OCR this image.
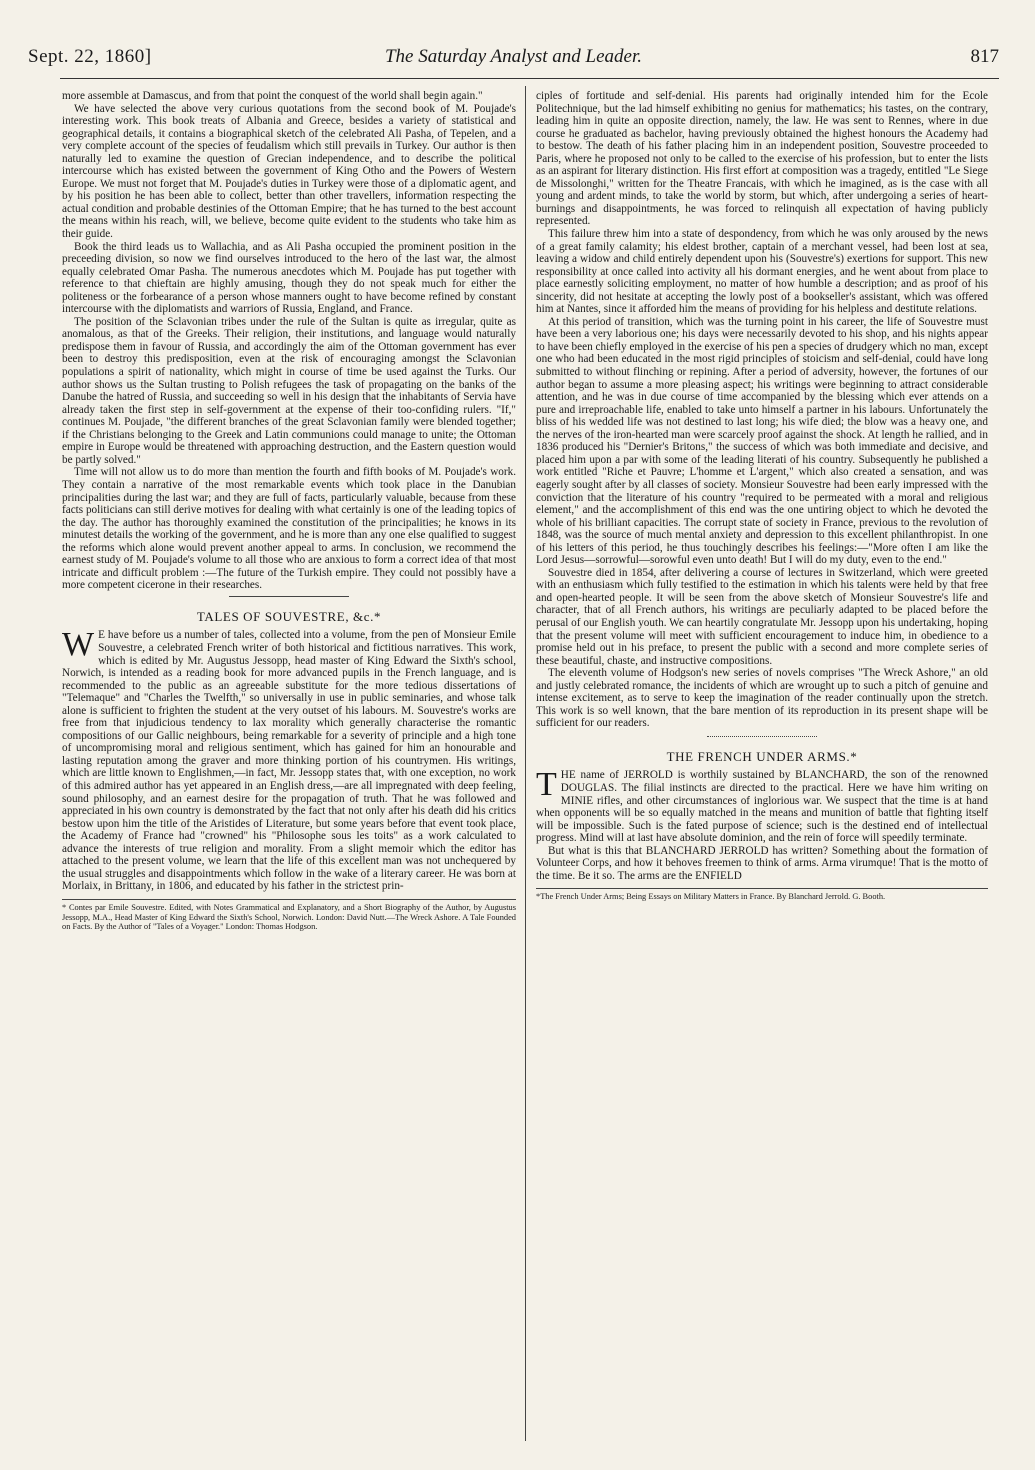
Sept. 22, 1860]	The Saturday Analyst and Leader.	817

more assemble at Damascus, and from that point the conquest of the world shall begin again."

We have selected the above very curious quotations from the second book of M. Poujade's interesting work. This book treats of Albania and Greece, besides a variety of statistical and geographical details, it contains a biographical sketch of the celebrated Ali Pasha, of Tepelen, and a very complete account of the species of feudalism which still prevails in Turkey. Our author is then naturally led to examine the question of Grecian independence, and to describe the political intercourse which has existed between the government of King Otho and the Powers of Western Europe. We must not forget that M. Poujade's duties in Turkey were those of a diplomatic agent, and by his position he has been able to collect, better than other travellers, information respecting the actual condition and probable destinies of the Ottoman Empire; that he has turned to the best account the means within his reach, will, we believe, become quite evident to the students who take him as their guide.

Book the third leads us to Wallachia, and as Ali Pasha occupied the prominent position in the preceeding division, so now we find ourselves introduced to the hero of the last war, the almost equally celebrated Omar Pasha. The numerous anecdotes which M. Poujade has put together with reference to that chieftain are highly amusing, though they do not speak much for either the politeness or the forbearance of a person whose manners ought to have become refined by constant intercourse with the diplomatists and warriors of Russia, England, and France.

The position of the Sclavonian tribes under the rule of the Sultan is quite as irregular, quite as anomalous, as that of the Greeks. Their religion, their institutions, and language would naturally predispose them in favour of Russia, and accordingly the aim of the Ottoman government has ever been to destroy this predisposition, even at the risk of encouraging amongst the Sclavonian populations a spirit of nationality, which might in course of time be used against the Turks. Our author shows us the Sultan trusting to Polish refugees the task of propagating on the banks of the Danube the hatred of Russia, and succeeding so well in his design that the inhabitants of Servia have already taken the first step in self-government at the expense of their too-confiding rulers. "If," continues M. Poujade, "the different branches of the great Sclavonian family were blended together; if the Christians belonging to the Greek and Latin communions could manage to unite; the Ottoman empire in Europe would be threatened with approaching destruction, and the Eastern question would be partly solved."

Time will not allow us to do more than mention the fourth and fifth books of M. Poujade's work. They contain a narrative of the most remarkable events which took place in the Danubian principalities during the last war; and they are full of facts, particularly valuable, because from these facts politicians can still derive motives for dealing with what certainly is one of the leading topics of the day. The author has thoroughly examined the constitution of the principalities; he knows in its minutest details the working of the government, and he is more than any one else qualified to suggest the reforms which alone would prevent another appeal to arms. In conclusion, we recommend the earnest study of M. Poujade's volume to all those who are anxious to form a correct idea of that most intricate and difficult problem :—The future of the Turkish empire. They could not possibly have a more competent cicerone in their researches.

TALES OF SOUVESTRE, &c.*

W E have before us a number of tales, collected into a volume, from the pen of Monsieur Emile Souvestre, a celebrated French writer of both historical and fictitious narratives. This work, which is edited by Mr. Augustus Jessopp, head master of King Edward the Sixth's school, Norwich, is intended as a reading book for more advanced pupils in the French language, and is recommended to the public as an agreeable substitute for the more tedious dissertations of "Telemaque" and "Charles the Twelfth," so universally in use in public seminaries, and whose talk alone is sufficient to frighten the student at the very outset of his labours. M. Souvestre's works are free from that injudicious tendency to lax morality which generally characterise the romantic compositions of our Gallic neighbours, being remarkable for a severity of principle and a high tone of uncompromising moral and religious sentiment, which has gained for him an honourable and lasting reputation among the graver and more thinking portion of his countrymen. His writings, which are little known to Englishmen,—in fact, Mr. Jessopp states that, with one exception, no work of this admired author has yet appeared in an English dress,—are all impregnated with deep feeling, sound philosophy, and an earnest desire for the propagation of truth. That he was followed and appreciated in his own country is demonstrated by the fact that not only after his death did his critics bestow upon him the title of the Aristides of Literature, but some years before that event took place, the Academy of France had "crowned" his "Philosophe sous les toits" as a work calculated to advance the interests of true religion and morality. From a slight memoir which the editor has attached to the present volume, we learn that the life of this excellent man was not unchequered by the usual struggles and disappointments which follow in the wake of a literary career. He was born at Morlaix, in Brittany, in 1806, and educated by his father in the strictest prin-

* Contes par Emile Souvestre. Edited, with Notes Grammatical and Explanatory, and a Short Biography of the Author, by Augustus Jessopp, M.A., Head Master of King Edward the Sixth's School, Norwich. London: David Nutt.—The Wreck Ashore. A Tale Founded on Facts. By the Author of "Tales of a Voyager." London: Thomas Hodgson.

ciples of fortitude and self-denial. His parents had originally intended him for the Ecole Politechnique, but the lad himself exhibiting no genius for mathematics; his tastes, on the contrary, leading him in quite an opposite direction, namely, the law. He was sent to Rennes, where in due course he graduated as bachelor, having previously obtained the highest honours the Academy had to bestow. The death of his father placing him in an independent position, Souvestre proceeded to Paris, where he proposed not only to be called to the exercise of his profession, but to enter the lists as an aspirant for literary distinction. His first effort at composition was a tragedy, entitled "Le Siege de Missolonghi," written for the Theatre Francais, with which he imagined, as is the case with all young and ardent minds, to take the world by storm, but which, after undergoing a series of heart-burnings and disappointments, he was forced to relinquish all expectation of having publicly represented.

This failure threw him into a state of despondency, from which he was only aroused by the news of a great family calamity; his eldest brother, captain of a merchant vessel, had been lost at sea, leaving a widow and child entirely dependent upon his (Souvestre's) exertions for support. This new responsibility at once called into activity all his dormant energies, and he went about from place to place earnestly soliciting employment, no matter of how humble a description; and as proof of his sincerity, did not hesitate at accepting the lowly post of a bookseller's assistant, which was offered him at Nantes, since it afforded him the means of providing for his helpless and destitute relations.

At this period of transition, which was the turning point in his career, the life of Souvestre must have been a very laborious one; his days were necessarily devoted to his shop, and his nights appear to have been chiefly employed in the exercise of his pen a species of drudgery which no man, except one who had been educated in the most rigid principles of stoicism and self-denial, could have long submitted to without flinching or repining. After a period of adversity, however, the fortunes of our author began to assume a more pleasing aspect; his writings were beginning to attract considerable attention, and he was in due course of time accompanied by the blessing which ever attends on a pure and irreproachable life, enabled to take unto himself a partner in his labours. Unfortunately the bliss of his wedded life was not destined to last long; his wife died; the blow was a heavy one, and the nerves of the iron-hearted man were scarcely proof against the shock. At length he rallied, and in 1836 produced his "Dernier's Britons," the success of which was both immediate and decisive, and placed him upon a par with some of the leading literati of his country. Subsequently he published a work entitled "Riche et Pauvre; L'homme et L'argent," which also created a sensation, and was eagerly sought after by all classes of society. Monsieur Souvestre had been early impressed with the conviction that the literature of his country "required to be permeated with a moral and religious element," and the accomplishment of this end was the one untiring object to which he devoted the whole of his brilliant capacities. The corrupt state of society in France, previous to the revolution of 1848, was the source of much mental anxiety and depression to this excellent philanthropist. In one of his letters of this period, he thus touchingly describes his feelings:—"More often I am like the Lord Jesus—sorrowful—sorowful even unto death! But I will do my duty, even to the end."

Souvestre died in 1854, after delivering a course of lectures in Switzerland, which were greeted with an enthusiasm which fully testified to the estimation in which his talents were held by that free and open-hearted people. It will be seen from the above sketch of Monsieur Souvestre's life and character, that of all French authors, his writings are peculiarly adapted to be placed before the perusal of our English youth. We can heartily congratulate Mr. Jessopp upon his undertaking, hoping that the present volume will meet with sufficient encouragement to induce him, in obedience to a promise held out in his preface, to present the public with a second and more complete series of these beautiful, chaste, and instructive compositions.

The eleventh volume of Hodgson's new series of novels comprises "The Wreck Ashore," an old and justly celebrated romance, the incidents of which are wrought up to such a pitch of genuine and intense excitement, as to serve to keep the imagination of the reader continually upon the stretch. This work is so well known, that the bare mention of its reproduction in its present shape will be sufficient for our readers.

THE FRENCH UNDER ARMS.*

THE name of JERROLD is worthily sustained by BLANCHARD, the son of the renowned DOUGLAS. The filial instincts are directed to the practical. Here we have him writing on MINIE rifles, and other circumstances of inglorious war. We suspect that the time is at hand when opponents will be so equally matched in the means and munition of battle that fighting itself will be impossible. Such is the fated purpose of science; such is the destined end of intellectual progress. Mind will at last have absolute dominion, and the rein of force will speedily terminate.

But what is this that BLANCHARD JERROLD has written? Something about the formation of Volunteer Corps, and how it behoves freemen to think of arms. Arma virumque! That is the motto of the time. Be it so. The arms are the ENFIELD

*The French Under Arms; Being Essays on Military Matters in France. By Blanchard Jerrold. G. Booth.
